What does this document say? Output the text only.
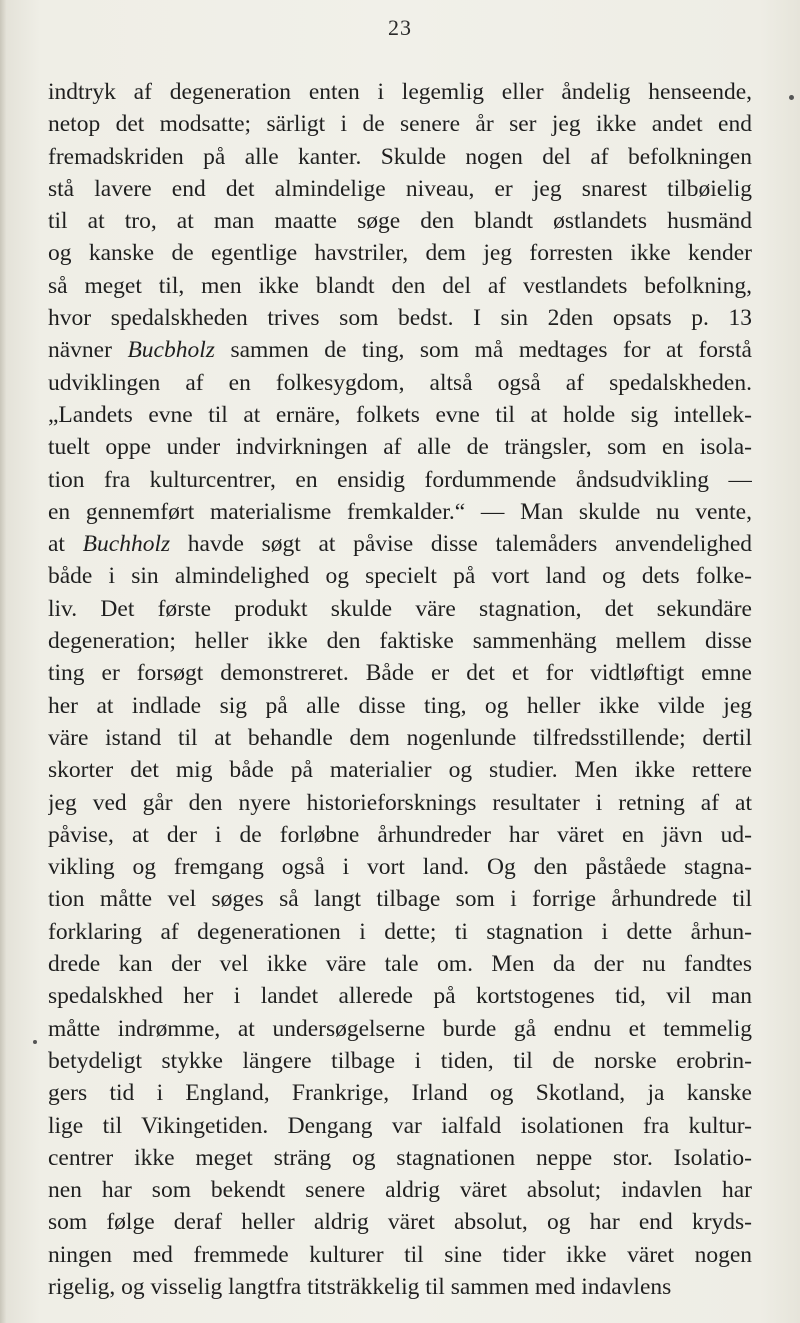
23
indtryk af degeneration enten i legemlig eller åndelig henseende,
netop det modsatte; särligt i de senere år ser jeg ikke andet end
fremadskriden på alle kanter. Skulde nogen del af befolkningen
stå lavere end det almindelige niveau, er jeg snarest tilbøielig
til at tro, at man maatte søge den blandt østlandets husmänd
og kanske de egentlige havstriler, dem jeg forresten ikke kender
så meget til, men ikke blandt den del af vestlandets befolkning,
hvor spedalskheden trives som bedst. I sin 2den opsats p. 13
nävner Bucbholz sammen de ting, som må medtages for at forstå
udviklingen af en folkesygdom, altså også af spedalskheden.
„Landets evne til at ernäre, folkets evne til at holde sig intellek-
tuelt oppe under indvirkningen af alle de trängsler, som en isola-
tion fra kulturcentrer, en ensidig fordummende åndsudvikling —
en gennemført materialisme fremkalder.“ — Man skulde nu vente,
at Buchholz havde søgt at påvise disse talemåders anvendelighed
både i sin almindelighed og specielt på vort land og dets folke-
liv. Det første produkt skulde väre stagnation, det sekundäre
degeneration; heller ikke den faktiske sammenhäng mellem disse
ting er forsøgt demonstreret. Både er det et for vidtløftigt emne
her at indlade sig på alle disse ting, og heller ikke vilde jeg
väre istand til at behandle dem nogenlunde tilfredsstillende; dertil
skorter det mig både på materialier og studier. Men ikke rettere
jeg ved går den nyere historieforsknings resultater i retning af at
påvise, at der i de forløbne århundreder har väret en jävn ud-
vikling og fremgang også i vort land. Og den påståede stagna-
tion måtte vel søges så langt tilbage som i forrige århundrede til
forklaring af degenerationen i dette; ti stagnation i dette århun-
drede kan der vel ikke väre tale om. Men da der nu fandtes
spedalskhed her i landet allerede på kortstogenes tid, vil man
måtte indrømme, at undersøgelserne burde gå endnu et temmelig
betydeligt stykke längere tilbage i tiden, til de norske erobrin-
gers tid i England, Frankrige, Irland og Skotland, ja kanske
lige til Vikingetiden. Dengang var ialfald isolationen fra kultur-
centrer ikke meget sträng og stagnationen neppe stor. Isolatio-
nen har som bekendt senere aldrig väret absolut; indavlen har
som følge deraf heller aldrig väret absolut, og har end kryds-
ningen med fremmede kulturer til sine tider ikke väret nogen
rigelig, og visselig langtfra titsträkkelig til sammen med indavlens
